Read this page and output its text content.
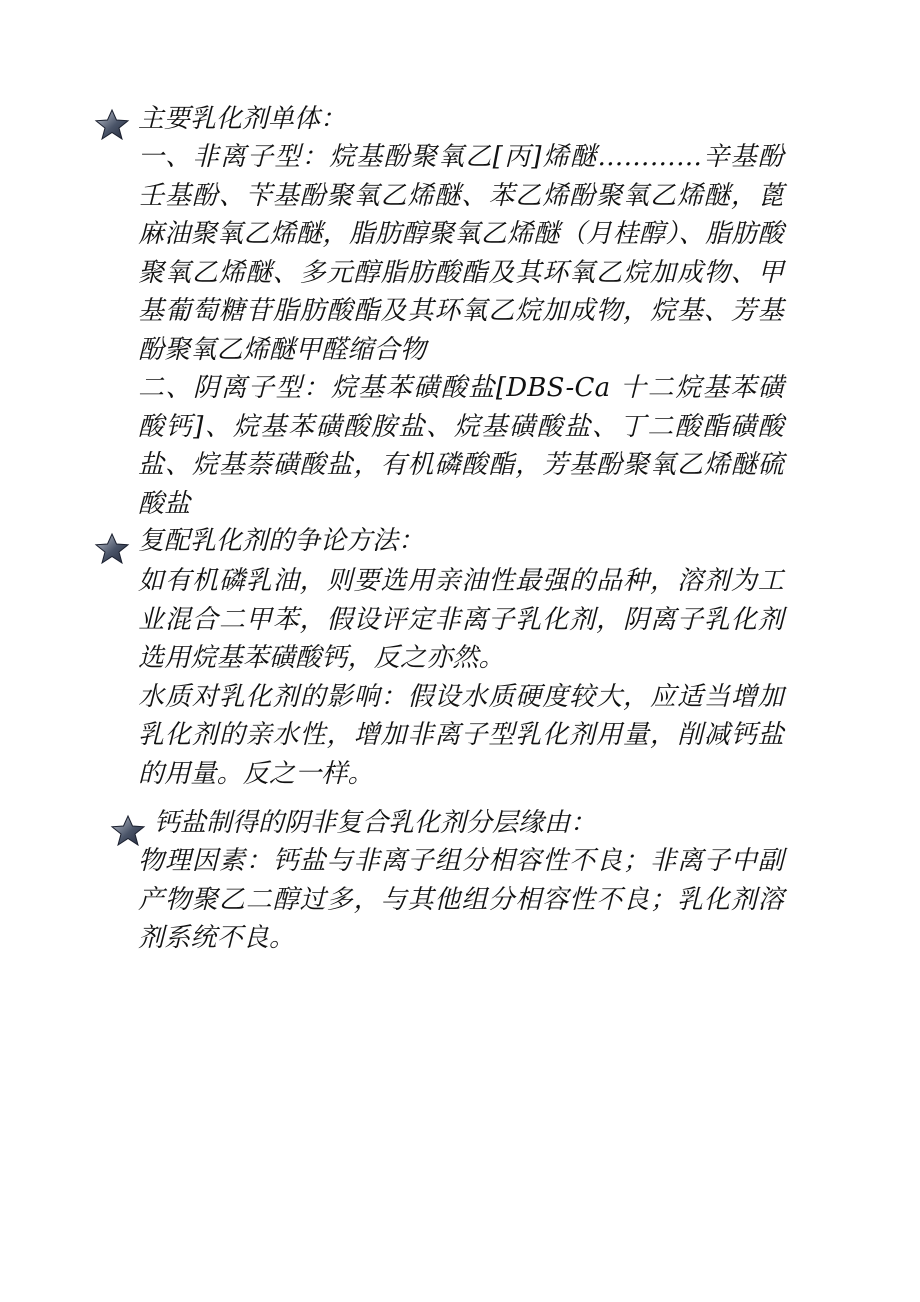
主要乳化剂单体：

一、非离子型：烷基酚聚氧乙[丙]烯醚…………辛基酚壬基酚、苄基酚聚氧乙烯醚、苯乙烯酚聚氧乙烯醚，蓖麻油聚氧乙烯醚，脂肪醇聚氧乙烯醚（月桂醇）、脂肪酸聚氧乙烯醚、多元醇脂肪酸酯及其环氧乙烷加成物、甲基葡萄糖苷脂肪酸酯及其环氧乙烷加成物，烷基、芳基酚聚氧乙烯醚甲醛缩合物

二、阴离子型：烷基苯磺酸盐[DBS-Ca 十二烷基苯磺酸钙]、烷基苯磺酸胺盐、烷基磺酸盐、丁二酸酯磺酸盐、烷基萘磺酸盐，有机磷酸酯，芳基酚聚氧乙烯醚硫酸盐

复配乳化剂的争论方法：

如有机磷乳油，则要选用亲油性最强的品种，溶剂为工业混合二甲苯，假设评定非离子乳化剂，阴离子乳化剂选用烷基苯磺酸钙，反之亦然。

水质对乳化剂的影响：假设水质硬度较大，应适当增加乳化剂的亲水性，增加非离子型乳化剂用量，削减钙盐的用量。反之一样。

钙盐制得的阴非复合乳化剂分层缘由：

物理因素：钙盐与非离子组分相容性不良；非离子中副产物聚乙二醇过多，与其他组分相容性不良；乳化剂溶剂系统不良。
